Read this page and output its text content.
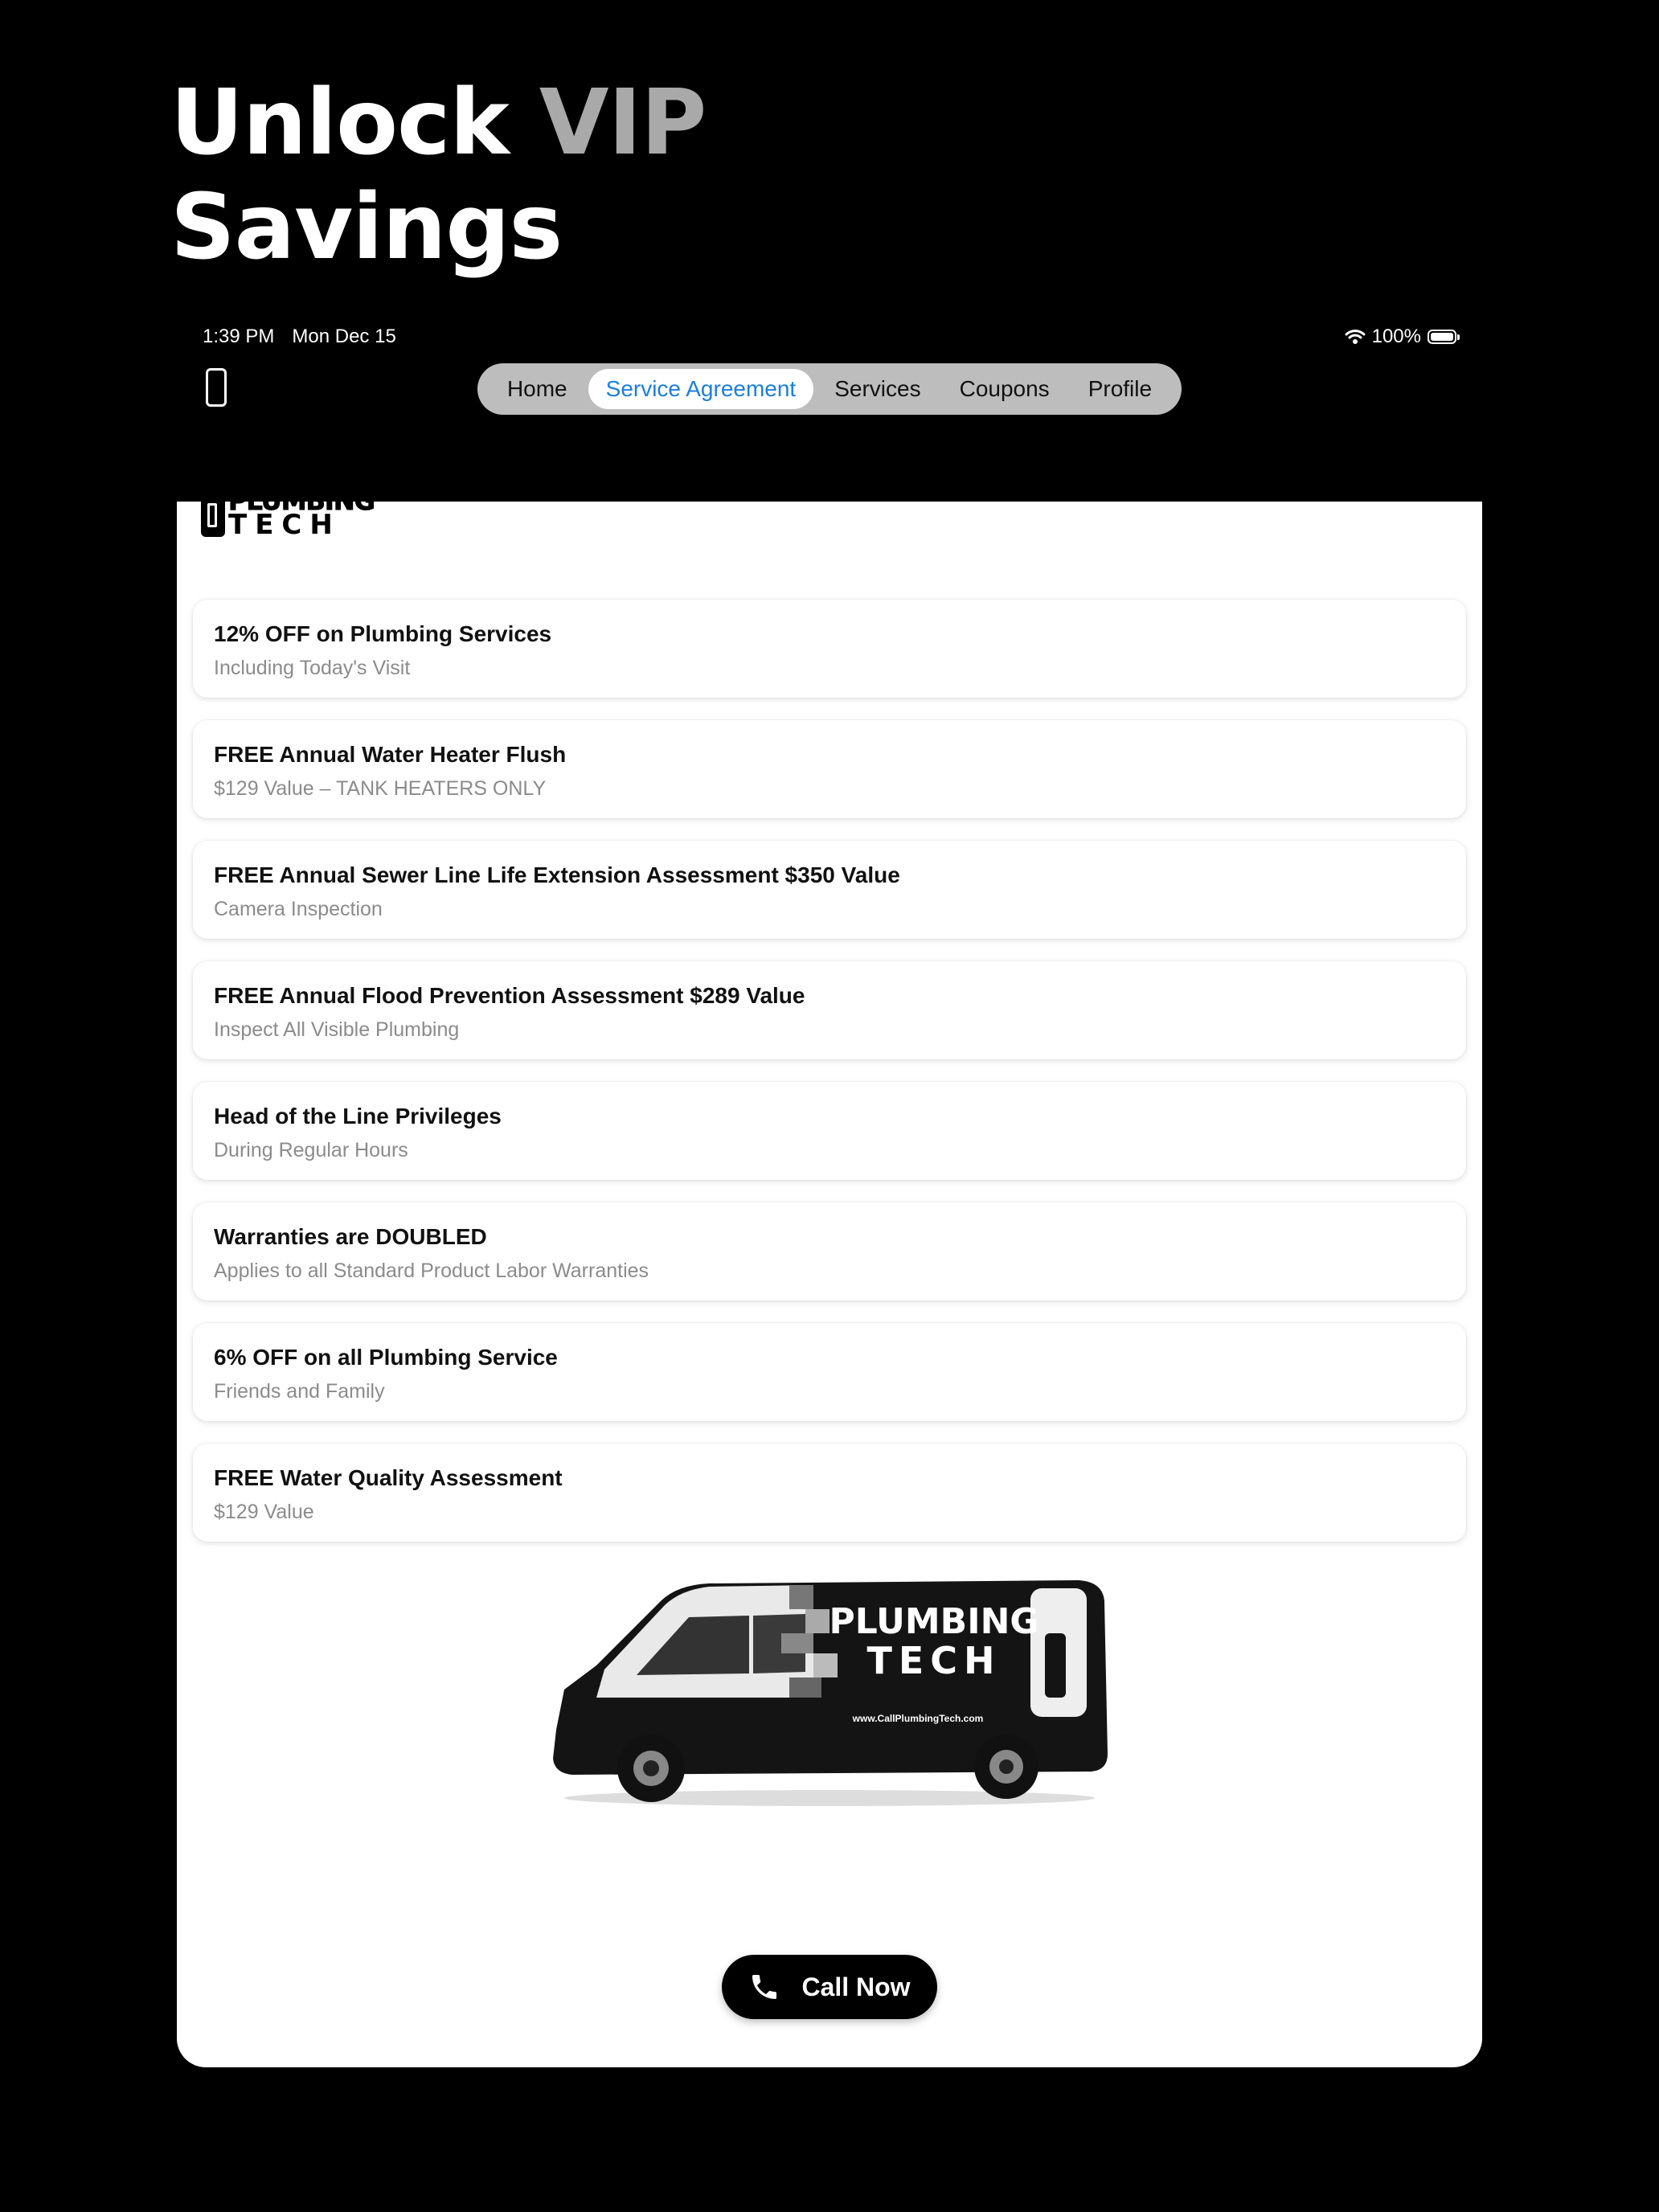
Unlock VIP
Savings
1:39 PM Mon Dec 15	100%
Home	Service Agreement	Services	Coupons	Profile
PLUMBING
TECH
12% OFF on Plumbing Services
Including Today's Visit
FREE Annual Water Heater Flush
$129 Value – TANK HEATERS ONLY
FREE Annual Sewer Line Life Extension Assessment $350 Value
Camera Inspection
FREE Annual Flood Prevention Assessment $289 Value
Inspect All Visible Plumbing
Head of the Line Privileges
During Regular Hours
Warranties are DOUBLED
Applies to all Standard Product Labor Warranties
6% OFF on all Plumbing Service
Friends and Family
FREE Water Quality Assessment
$129 Value
PLUMBING
TECH
www.CallPlumbingTech.com
Call Now
